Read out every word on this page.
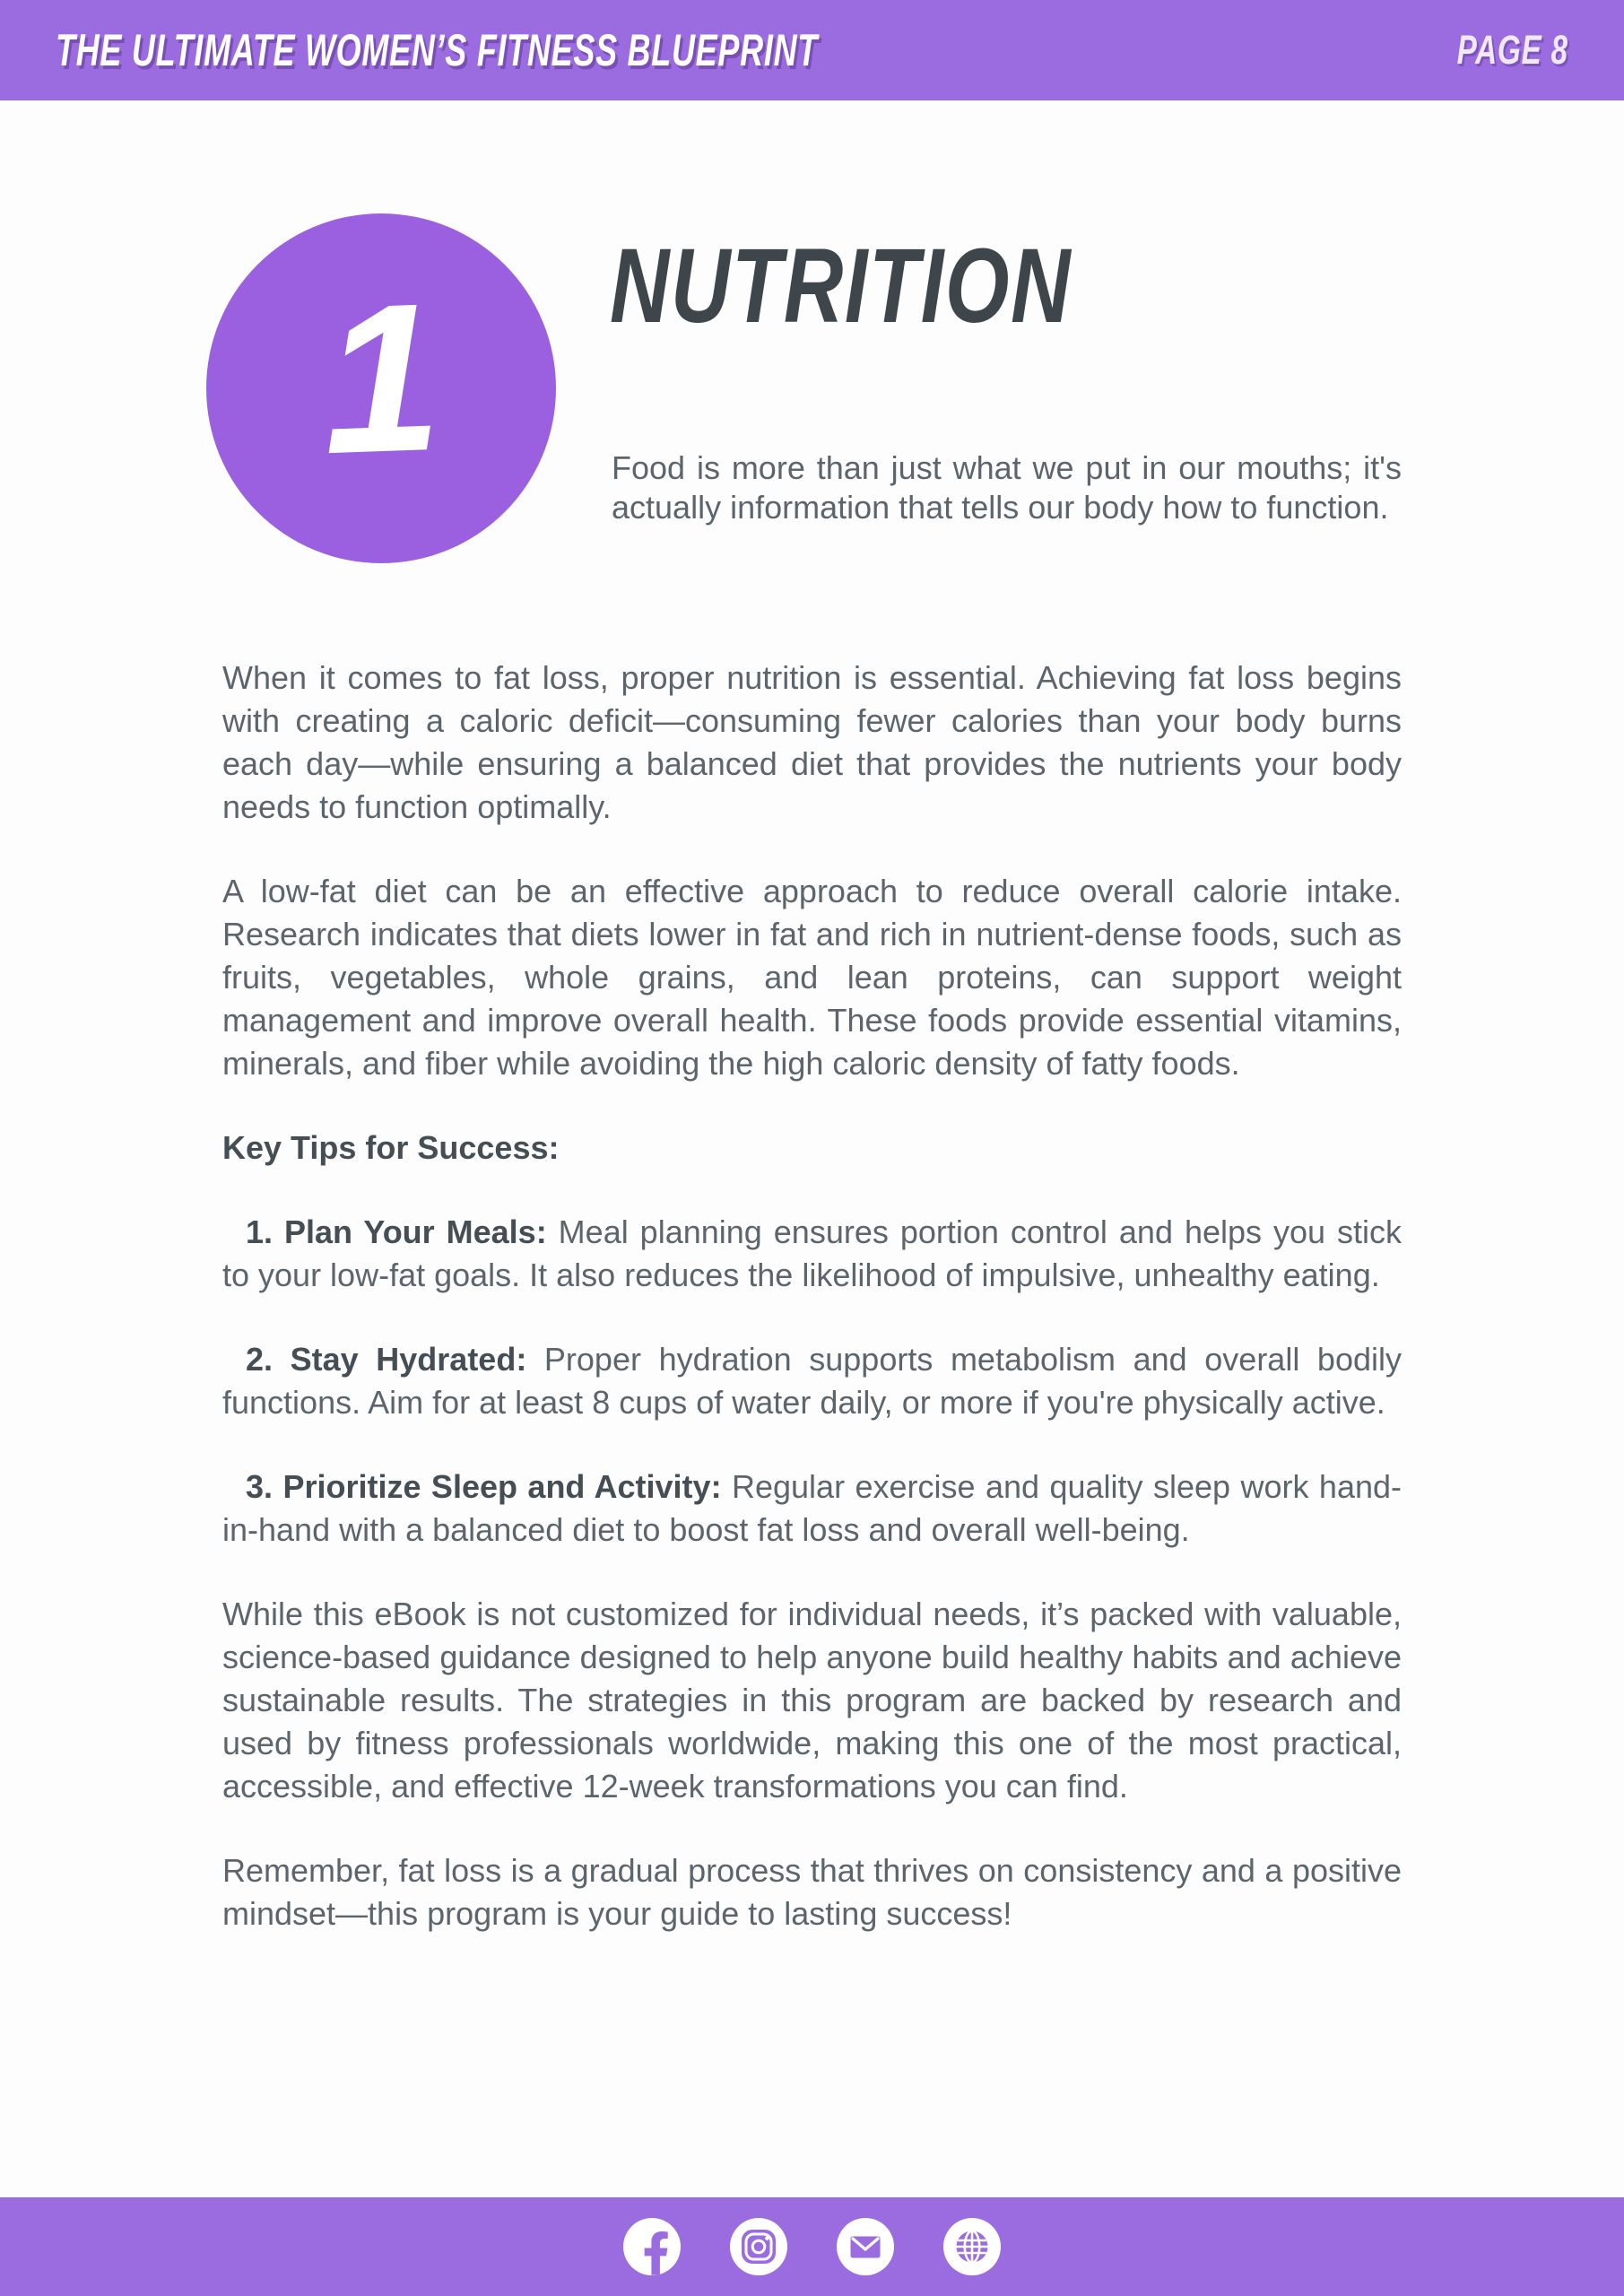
THE ULTIMATE WOMEN’S FITNESS BLUEPRINT	PAGE 8
1 NUTRITION
Food is more than just what we put in our mouths; it's actually information that tells our body how to function.

When it comes to fat loss, proper nutrition is essential. Achieving fat loss begins with creating a caloric deficit—consuming fewer calories than your body burns each day—while ensuring a balanced diet that provides the nutrients your body needs to function optimally.

A low-fat diet can be an effective approach to reduce overall calorie intake. Research indicates that diets lower in fat and rich in nutrient-dense foods, such as fruits, vegetables, whole grains, and lean proteins, can support weight management and improve overall health. These foods provide essential vitamins, minerals, and fiber while avoiding the high caloric density of fatty foods.

Key Tips for Success:

1. Plan Your Meals: Meal planning ensures portion control and helps you stick to your low-fat goals. It also reduces the likelihood of impulsive, unhealthy eating.

2. Stay Hydrated: Proper hydration supports metabolism and overall bodily functions. Aim for at least 8 cups of water daily, or more if you're physically active.

3. Prioritize Sleep and Activity: Regular exercise and quality sleep work hand-in-hand with a balanced diet to boost fat loss and overall well-being.

While this eBook is not customized for individual needs, it’s packed with valuable, science-based guidance designed to help anyone build healthy habits and achieve sustainable results. The strategies in this program are backed by research and used by fitness professionals worldwide, making this one of the most practical, accessible, and effective 12-week transformations you can find.

Remember, fat loss is a gradual process that thrives on consistency and a positive mindset—this program is your guide to lasting success!
